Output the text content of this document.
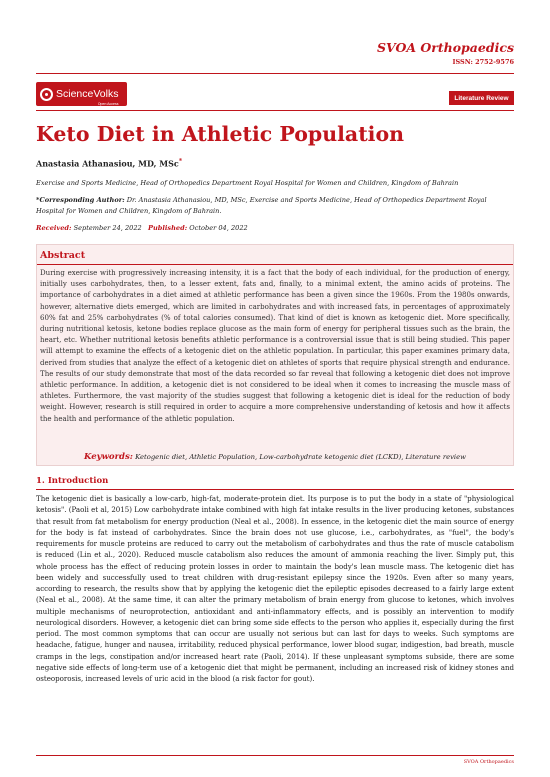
SVOA Orthopaedics
ISSN: 2752-9576
ScienceVolks
Open Access
Literature Review
Keto Diet in Athletic Population
Anastasia Athanasiou, MD, MSc*
Exercise and Sports Medicine, Head of Orthopedics Department Royal Hospital for Women and Children, Kingdom of Bahrain
*Corresponding Author: Dr. Anastasia Athanasiou, MD, MSc, Exercise and Sports Medicine, Head of Orthopedics Department Royal Hospital for Women and Children, Kingdom of Bahrain.
Received: September 24, 2022 Published: October 04, 2022
Abstract
During exercise with progressively increasing intensity, it is a fact that the body of each individual, for the production of energy, initially uses carbohydrates, then, to a lesser extent, fats and, finally, to a minimal extent, the amino acids of proteins. The importance of carbohydrates in a diet aimed at athletic performance has been a given since the 1960s. From the 1980s onwards, however, alternative diets emerged, which are limited in carbohydrates and with increased fats, in percentages of approximately 60% fat and 25% carbohydrates (% of total calories consumed). That kind of diet is known as ketogenic diet. More specifically, during nutritional ketosis, ketone bodies replace glucose as the main form of energy for peripheral tissues such as the brain, the heart, etc. Whether nutritional ketosis benefits athletic performance is a controversial issue that is still being studied. This paper will attempt to examine the effects of a ketogenic diet on the athletic population. In particular, this paper examines primary data, derived from studies that analyze the effect of a ketogenic diet on athletes of sports that require physical strength and endurance. The results of our study demonstrate that most of the data recorded so far reveal that following a ketogenic diet does not improve athletic performance. In addition, a ketogenic diet is not considered to be ideal when it comes to increasing the muscle mass of athletes. Furthermore, the vast majority of the studies suggest that following a ketogenic diet is ideal for the reduction of body weight. However, research is still required in order to acquire a more comprehensive understanding of ketosis and how it affects the health and performance of the athletic population.
Keywords: Ketogenic diet, Athletic Population, Low-carbohydrate ketogenic diet (LCKD), Literature review
1. Introduction
The ketogenic diet is basically a low-carb, high-fat, moderate-protein diet. Its purpose is to put the body in a state of "physiological ketosis". (Paoli et al, 2015) Low carbohydrate intake combined with high fat intake results in the liver producing ketones, substances that result from fat metabolism for energy production (Neal et al., 2008). In essence, in the ketogenic diet the main source of energy for the body is fat instead of carbohydrates. Since the brain does not use glucose, i.e., carbohydrates, as "fuel", the body's requirements for muscle proteins are reduced to carry out the metabolism of carbohydrates and thus the rate of muscle catabolism is reduced (Lin et al., 2020). Reduced muscle catabolism also reduces the amount of ammonia reaching the liver. Simply put, this whole process has the effect of reducing protein losses in order to maintain the body's lean muscle mass. The ketogenic diet has been widely and successfully used to treat children with drug-resistant epilepsy since the 1920s. Even after so many years, according to research, the results show that by applying the ketogenic diet the epileptic episodes decreased to a fairly large extent (Neal et al., 2008). At the same time, it can alter the primary metabolism of brain energy from glucose to ketones, which involves multiple mechanisms of neuroprotection, antioxidant and anti-inflammatory effects, and is possibly an intervention to modify neurological disorders. However, a ketogenic diet can bring some side effects to the person who applies it, especially during the first period. The most common symptoms that can occur are usually not serious but can last for days to weeks. Such symptoms are headache, fatigue, hunger and nausea, irritability, reduced physical performance, lower blood sugar, indigestion, bad breath, muscle cramps in the legs, constipation and/or increased heart rate (Paoli, 2014). If these unpleasant symptoms subside, there are some negative side effects of long-term use of a ketogenic diet that might be permanent, including an increased risk of kidney stones and osteoporosis, increased levels of uric acid in the blood (a risk factor for gout).
SVOA Orthopaedics
